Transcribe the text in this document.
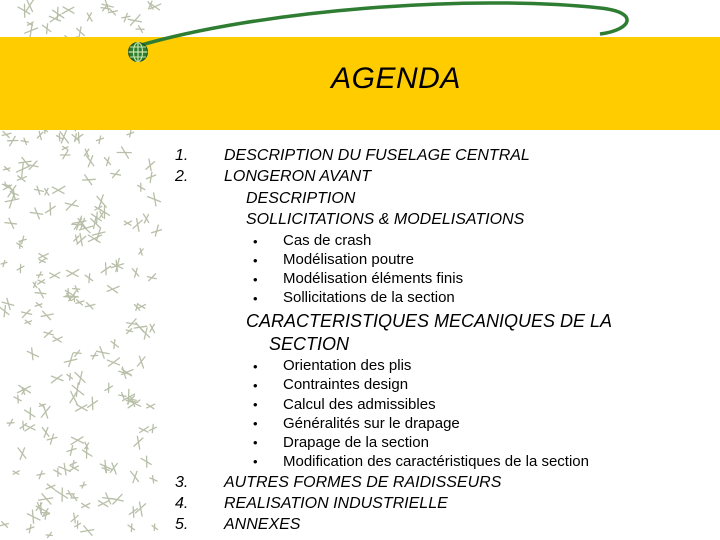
AGENDA
1.
2.
DESCRIPTION DU FUSELAGE CENTRAL
LONGERON AVANT
DESCRIPTION
SOLLICITATIONS & MODELISATIONS
• Cas de crash
• Modélisation poutre
• Modélisation éléments finis
• Sollicitations de la section
CARACTERISTIQUES MECANIQUES DE LA
SECTION
• Orientation des plis
• Contraintes design
• Calcul des admissibles
• Généralités sur le drapage
• Drapage de la section
• Modification des caractéristiques de la section
3.
4.
5.
AUTRES FORMES DE RAIDISSEURS
REALISATION INDUSTRIELLE
ANNEXES
